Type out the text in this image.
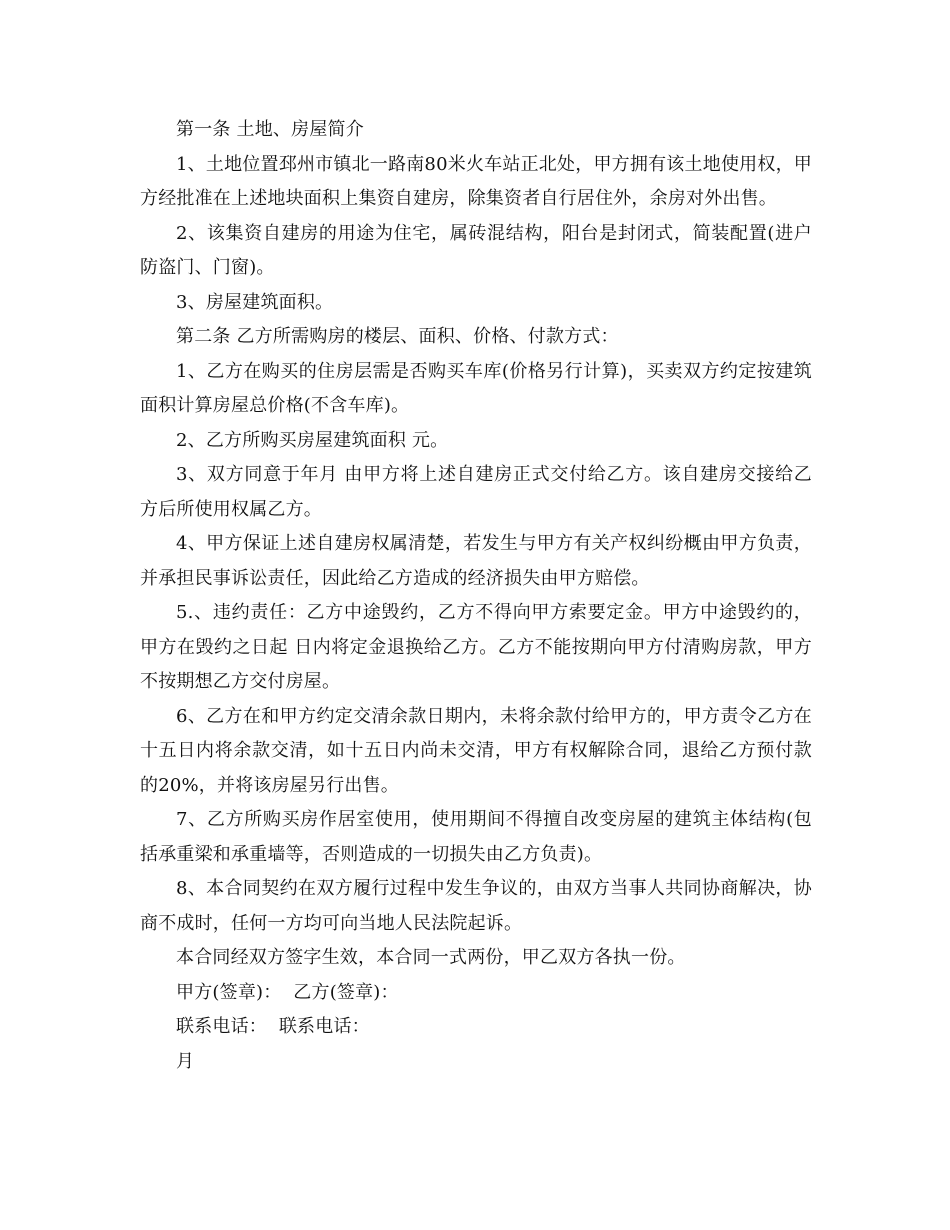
第一条 土地、房屋简介

1、土地位置邳州市镇北一路南80米火车站正北处，甲方拥有该土地使用权，甲方经批准在上述地块面积上集资自建房，除集资者自行居住外，余房对外出售。

2、该集资自建房的用途为住宅，属砖混结构，阳台是封闭式，简装配置(进户防盗门、门窗)。

3、房屋建筑面积。

第二条 乙方所需购房的楼层、面积、价格、付款方式：

1、乙方在购买的住房层需是否购买车库(价格另行计算)，买卖双方约定按建筑面积计算房屋总价格(不含车库)。

2、乙方所购买房屋建筑面积 元。

3、双方同意于年月 由甲方将上述自建房正式交付给乙方。该自建房交接给乙方后所使用权属乙方。

4、甲方保证上述自建房权属清楚，若发生与甲方有关产权纠纷概由甲方负责，并承担民事诉讼责任，因此给乙方造成的经济损失由甲方赔偿。

5.、违约责任：乙方中途毁约，乙方不得向甲方索要定金。甲方中途毁约的，甲方在毁约之日起 日内将定金退换给乙方。乙方不能按期向甲方付清购房款，甲方不按期想乙方交付房屋。

6、乙方在和甲方约定交清余款日期内，未将余款付给甲方的，甲方责令乙方在十五日内将余款交清，如十五日内尚未交清，甲方有权解除合同，退给乙方预付款的20%，并将该房屋另行出售。

7、乙方所购买房作居室使用，使用期间不得擅自改变房屋的建筑主体结构(包括承重梁和承重墙等，否则造成的一切损失由乙方负责)。

8、本合同契约在双方履行过程中发生争议的，由双方当事人共同协商解决，协商不成时，任何一方均可向当地人民法院起诉。

本合同经双方签字生效，本合同一式两份，甲乙双方各执一份。

甲方(签章)：  乙方(签章)：

联系电话：  联系电话：

月
